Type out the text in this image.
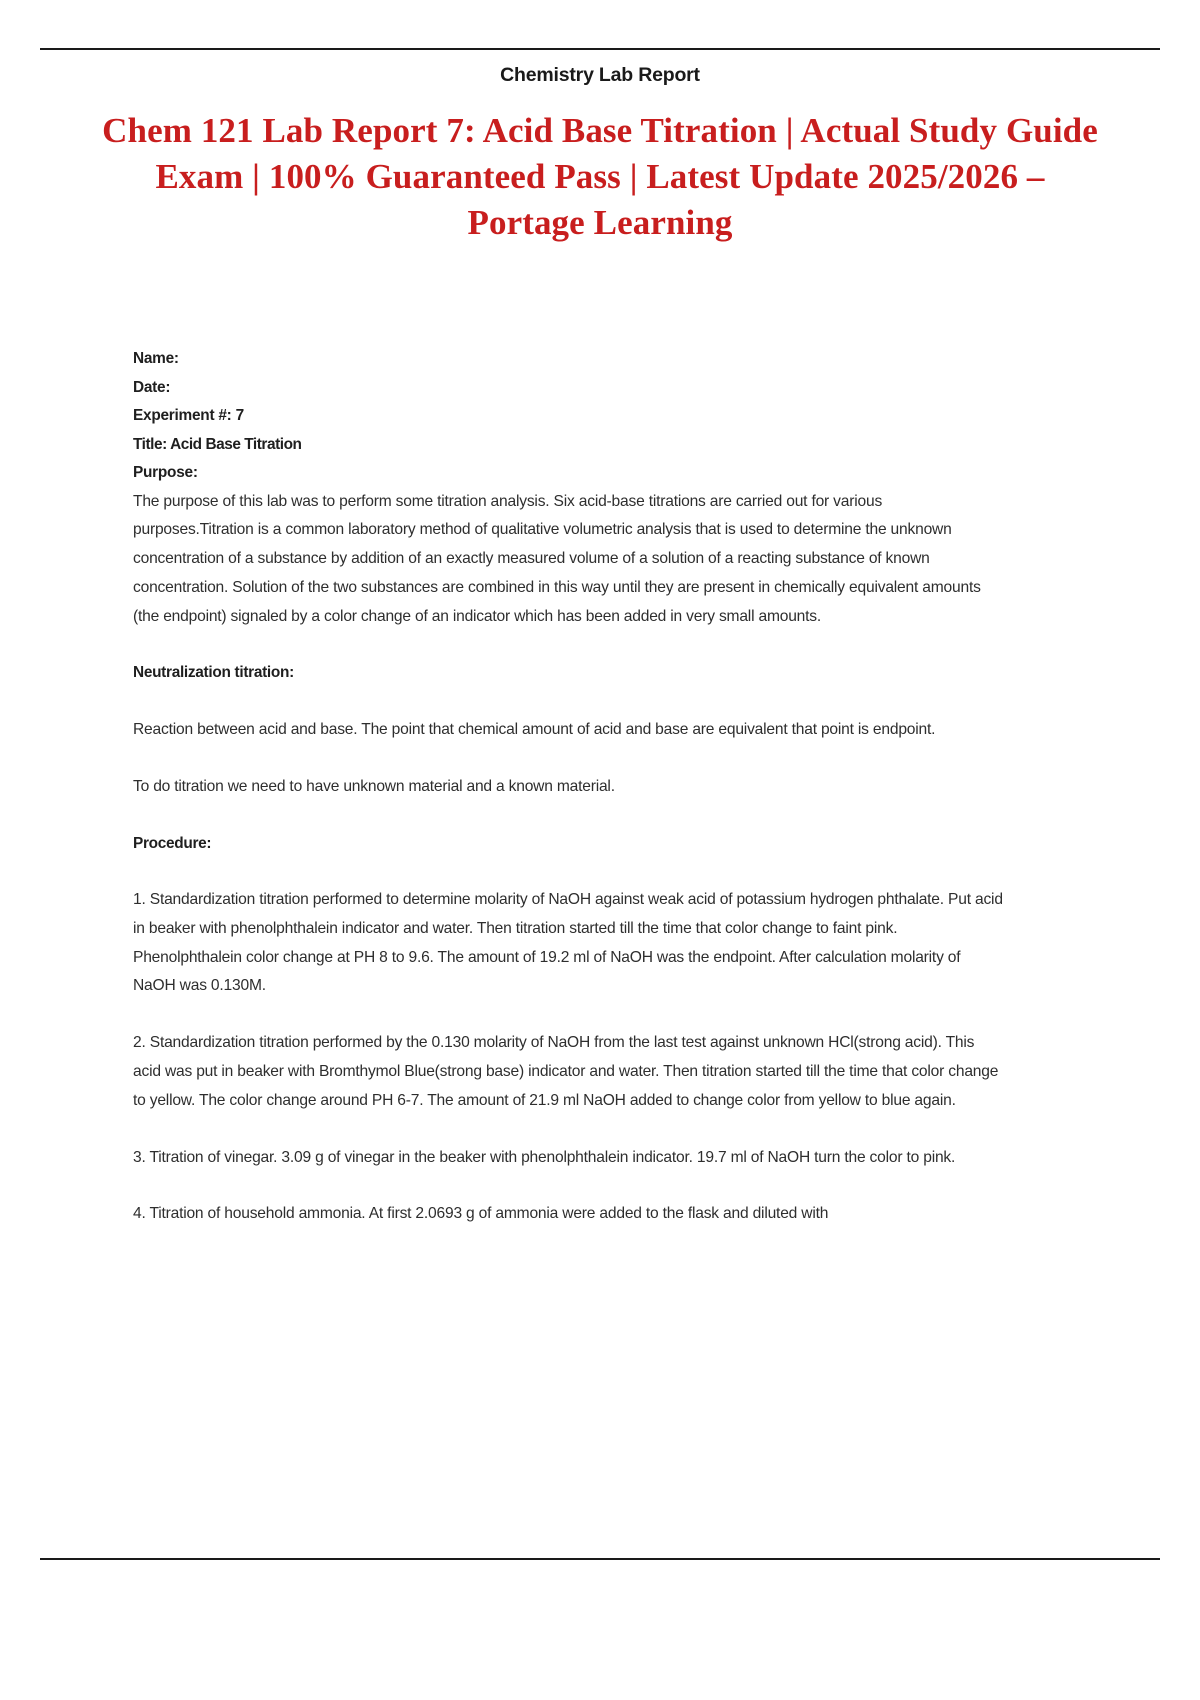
Chemistry Lab Report
Chem 121 Lab Report 7: Acid Base Titration | Actual Study Guide Exam | 100% Guaranteed Pass | Latest Update 2025/2026 – Portage Learning
Name:
Date:
Experiment #: 7
Title: Acid Base Titration
Purpose:

The purpose of this lab was to perform some titration analysis. Six acid-base titrations are carried out for various purposes.Titration is a common laboratory method of qualitative volumetric analysis that is used to determine the unknown concentration of a substance by addition of an exactly measured volume of a solution of a reacting substance of known concentration. Solution of the two substances are combined in this way until they are present in chemically equivalent amounts (the endpoint) signaled by a color change of an indicator which has been added in very small amounts.

Neutralization titration:

Reaction between acid and base. The point that chemical amount of acid and base are equivalent that point is endpoint.

To do titration we need to have unknown material and a known material.

Procedure:

1. Standardization titration performed to determine molarity of NaOH against weak acid of potassium hydrogen phthalate. Put acid in beaker with phenolphthalein indicator and water. Then titration started till the time that color change to faint pink. Phenolphthalein color change at PH 8 to 9.6. The amount of 19.2 ml of NaOH was the endpoint. After calculation molarity of NaOH was 0.130M.

2. Standardization titration performed by the 0.130 molarity of NaOH from the last test against unknown HCl(strong acid). This acid was put in beaker with Bromthymol Blue(strong base) indicator and water. Then titration started till the time that color change to yellow. The color change around PH 6-7. The amount of 21.9 ml NaOH added to change color from yellow to blue again.

3. Titration of vinegar. 3.09 g of vinegar in the beaker with phenolphthalein indicator. 19.7 ml of NaOH turn the color to pink.

4. Titration of household ammonia. At first 2.0693 g of ammonia were added to the flask and diluted with
